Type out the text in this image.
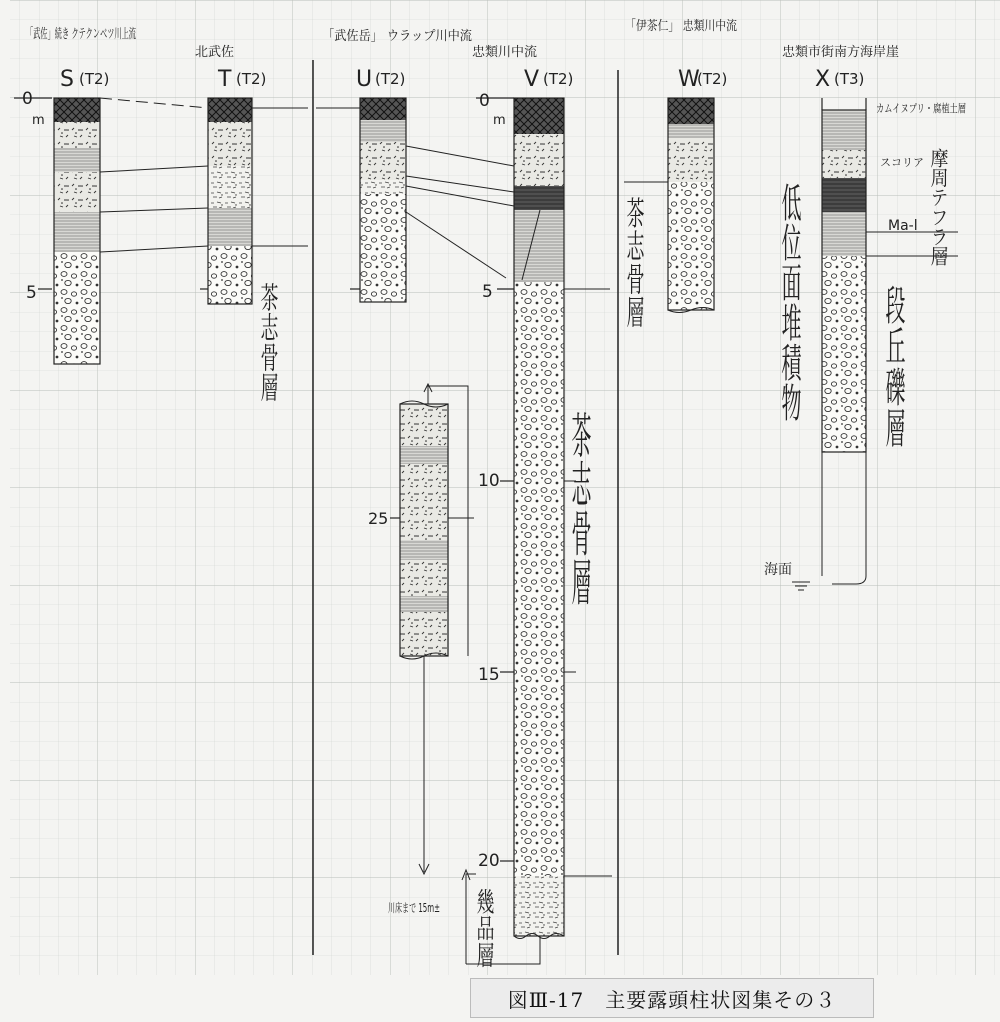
「武佐」続き クテクンベツ川上流
S (T2)
北武佐
T (T2)
「武佐岳」 ウラップ川中流
U (T2)
忠類川中流
V (T2)
「伊茶仁」 忠類川中流
W
(T2)
忠類市街南方海岸崖
X (T3)
0
m
5
0
m
5
10
15
20
茶志骨層
25
川床まで 15m±
茶志骨層
幾品層
茶志骨層
カムイヌプリ・腐植土層
スコリア
Ma-l 摩周テフラ層
低位面堆積物
段丘礫層
海面
図Ⅲ-17　主要露頭柱状図集その３
